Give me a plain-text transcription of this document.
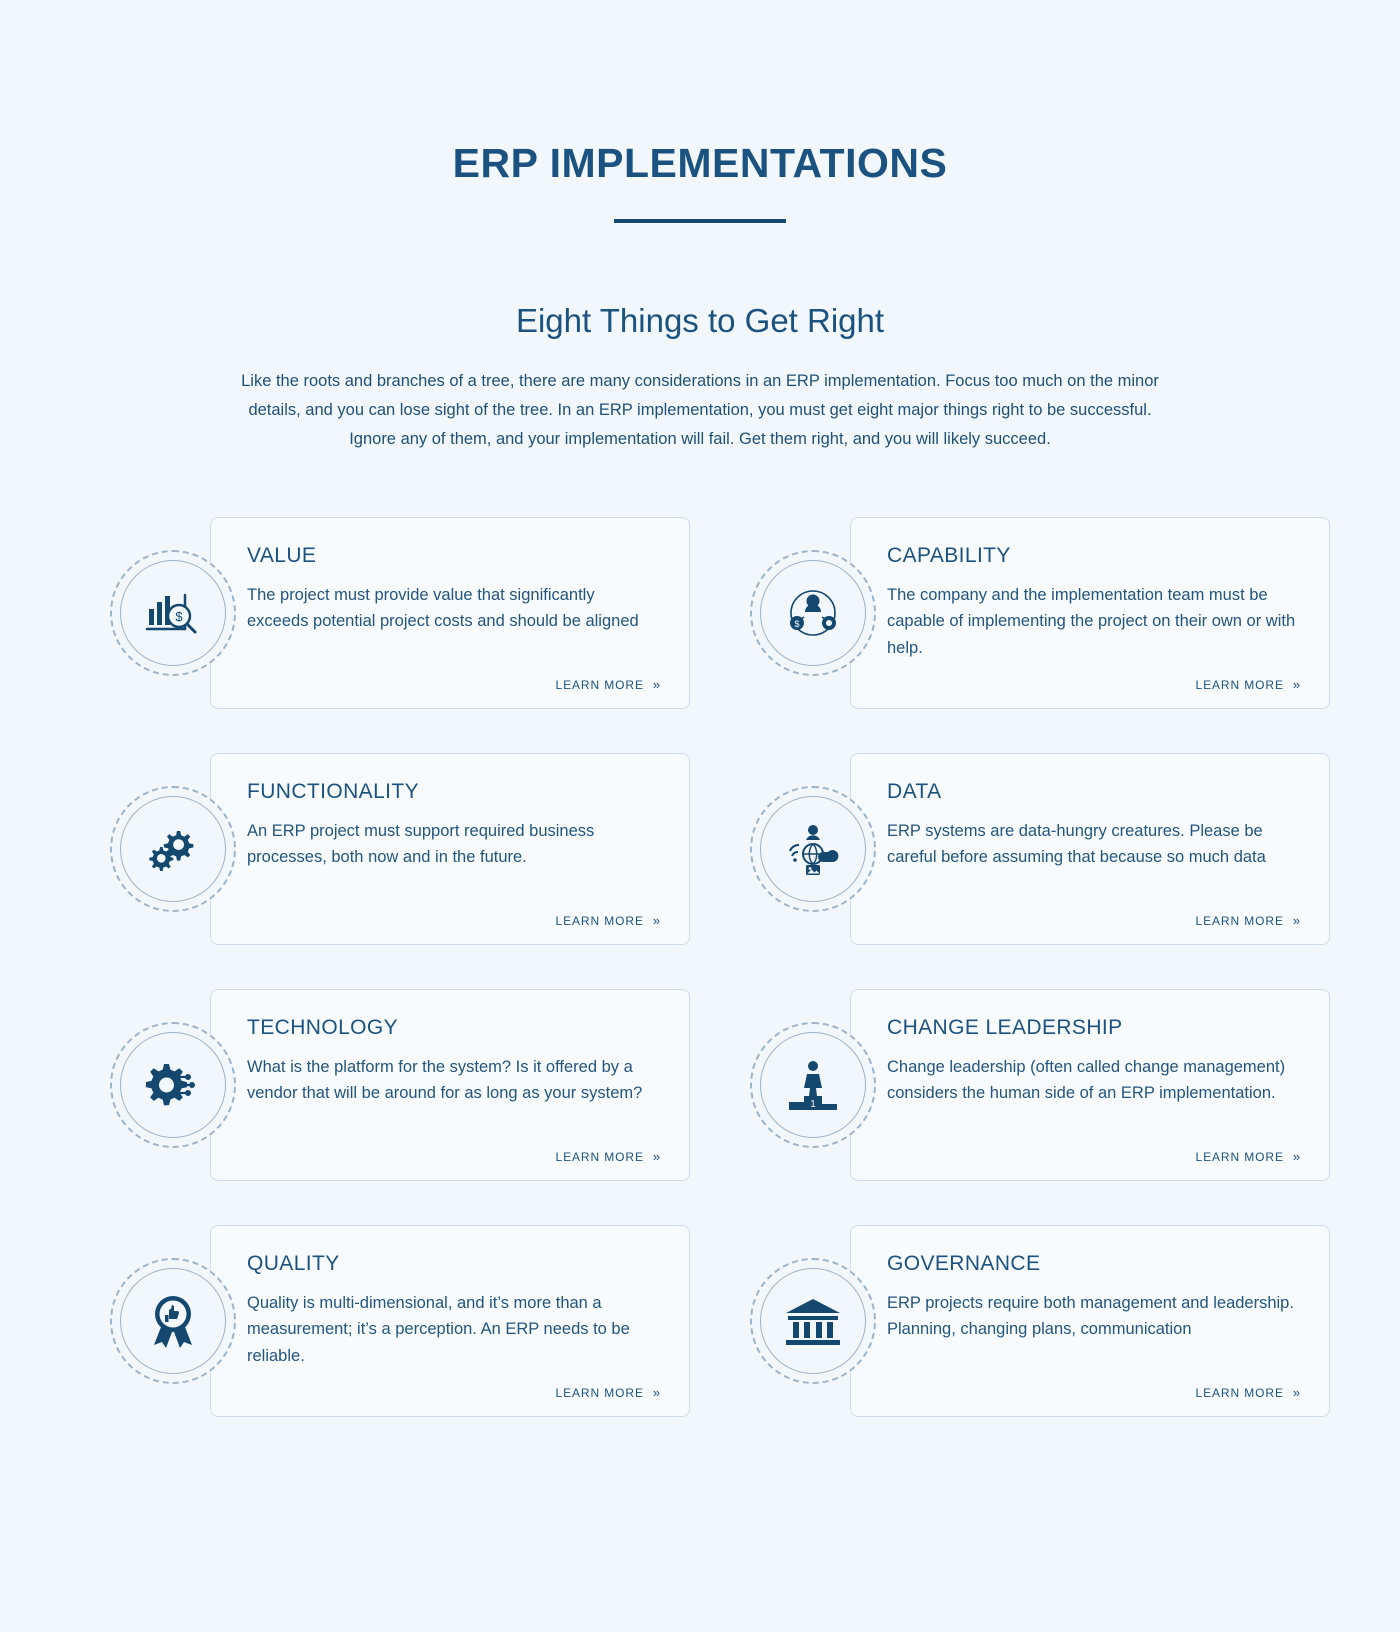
ERP IMPLEMENTATIONS
Eight Things to Get Right

Like the roots and branches of a tree, there are many considerations in an ERP implementation. Focus too much on the minor details, and you can lose sight of the tree. In an ERP implementation, you must get eight major things right to be successful. Ignore any of them, and your implementation will fail. Get them right, and you will likely succeed.

$
VALUE

The project must provide value that significantly exceeds potential project costs and should be aligned

LEARN MORE »
$
CAPABILITY

The company and the implementation team must be capable of implementing the project on their own or with help.

LEARN MORE »
FUNCTIONALITY

An ERP project must support required business processes, both now and in the future.

LEARN MORE »
DATA

ERP systems are data-hungry creatures. Please be careful before assuming that because so much data

LEARN MORE »
TECHNOLOGY

What is the platform for the system? Is it offered by a vendor that will be around for as long as your system?

LEARN MORE »
1
CHANGE LEADERSHIP

Change leadership (often called change management) considers the human side of an ERP implementation.

LEARN MORE »
QUALITY

Quality is multi-dimensional, and it’s more than a measurement; it’s a perception. An ERP needs to be reliable.

LEARN MORE »
GOVERNANCE

ERP projects require both management and leadership. Planning, changing plans, communication

LEARN MORE »
